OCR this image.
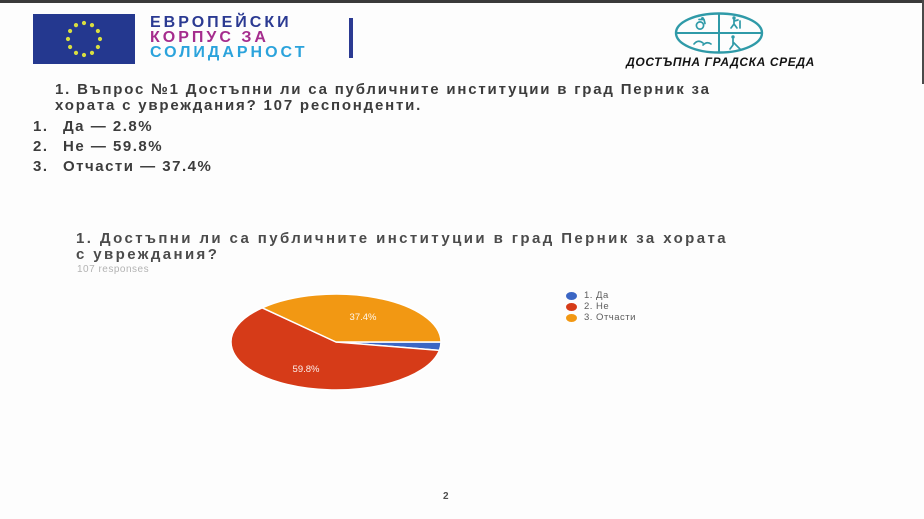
ЕВРОПЕЙСКИ
КОРПУС ЗА
СОЛИДАРНОСТ
ДОСТЪПНА ГРАДСКА СРЕДА
1. Въпрос №1 Достъпни ли са публичните институции в град Перник за
хората с увреждания? 107 респонденти.
1. Да — 2.8%
2. Не — 59.8%
3. Отчасти — 37.4%
1. Достъпни ли са публичните институции в град Перник за хората
с увреждания?
107 responses
37.4%
59.8%
1. Да
2. Не
3. Отчасти
2
